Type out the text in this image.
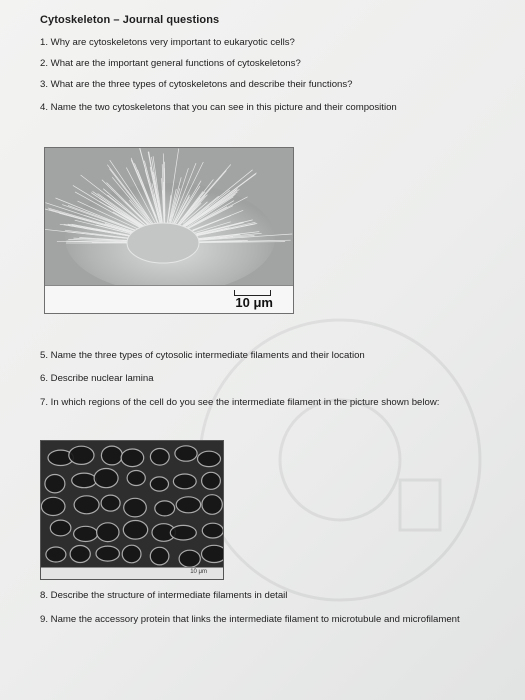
Cytoskeleton – Journal questions
1. Why are cytoskeletons very important to eukaryotic cells?
2. What are the important general functions of cytoskeletons?
3. What are the three types of cytoskeletons and describe their functions?
4. Name the two cytoskeletons that you can see in this picture and their composition
10 μm
5. Name the three types of cytosolic intermediate filaments and their location
6. Describe nuclear lamina
7. In which regions of the cell do you see the intermediate filament in the picture shown below:
10 μm
8. Describe the structure of intermediate filaments in detail
9. Name the accessory protein that links the intermediate filament to microtubule and microfilament
